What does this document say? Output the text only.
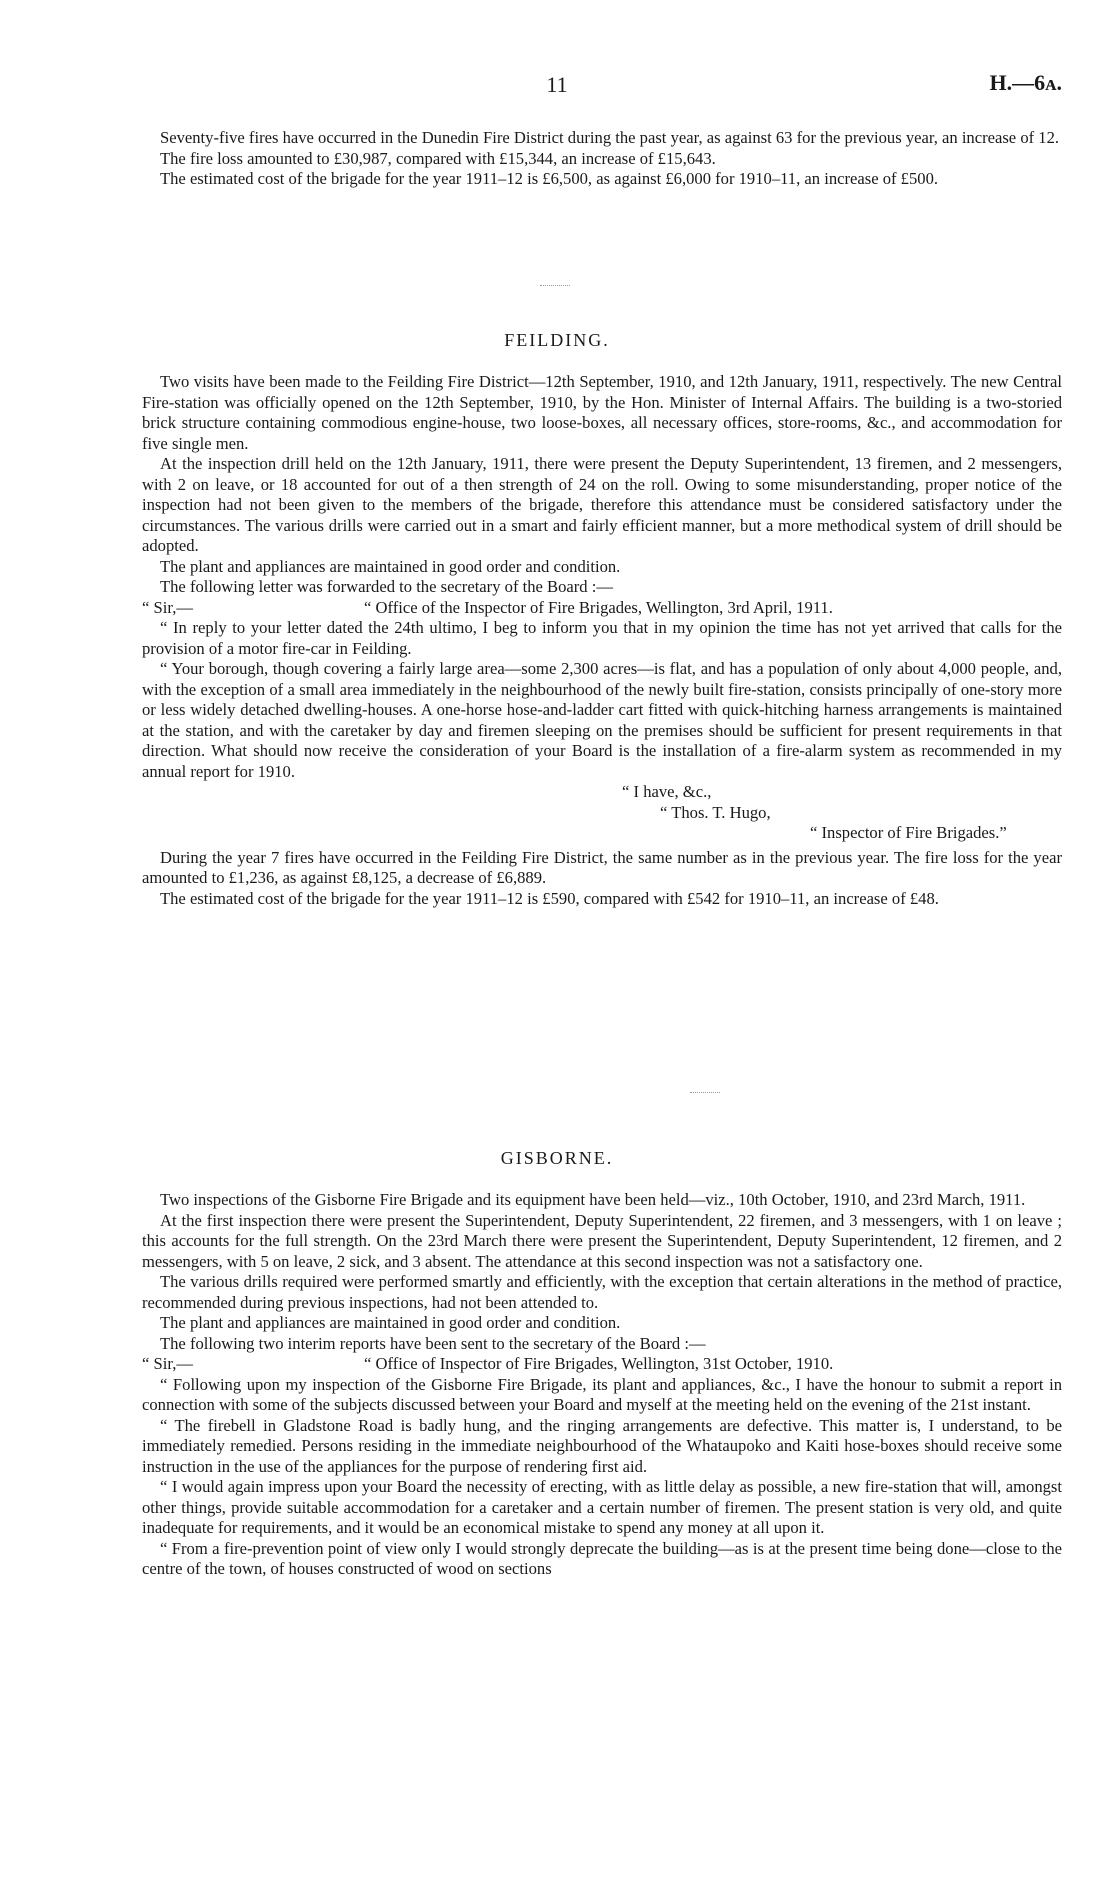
11	H.—6ᴀ.

Seventy-five fires have occurred in the Dunedin Fire District during the past year, as against 63 for the previous year, an increase of 12.

The fire loss amounted to £30,987, compared with £15,344, an increase of £15,643.

The estimated cost of the brigade for the year 1911–12 is £6,500, as against £6,000 for 1910–11, an increase of £500.

FEILDING.

Two visits have been made to the Feilding Fire District—12th September, 1910, and 12th January, 1911, respectively. The new Central Fire-station was officially opened on the 12th September, 1910, by the Hon. Minister of Internal Affairs. The building is a two-storied brick structure containing commodious engine-house, two loose-boxes, all necessary offices, store-rooms, &c., and accommodation for five single men.

At the inspection drill held on the 12th January, 1911, there were present the Deputy Superintendent, 13 firemen, and 2 messengers, with 2 on leave, or 18 accounted for out of a then strength of 24 on the roll. Owing to some misunderstanding, proper notice of the inspection had not been given to the members of the brigade, therefore this attendance must be considered satisfactory under the circumstances. The various drills were carried out in a smart and fairly efficient manner, but a more methodical system of drill should be adopted.

The plant and appliances are maintained in good order and condition.

The following letter was forwarded to the secretary of the Board :—

“ Sir,—	“ Office of the Inspector of Fire Brigades, Wellington, 3rd April, 1911.

“ In reply to your letter dated the 24th ultimo, I beg to inform you that in my opinion the time has not yet arrived that calls for the provision of a motor fire-car in Feilding.

“ Your borough, though covering a fairly large area—some 2,300 acres—is flat, and has a population of only about 4,000 people, and, with the exception of a small area immediately in the neighbourhood of the newly built fire-station, consists principally of one-story more or less widely detached dwelling-houses. A one-horse hose-and-ladder cart fitted with quick-hitching harness arrangements is maintained at the station, and with the caretaker by day and firemen sleeping on the premises should be sufficient for present requirements in that direction. What should now receive the consideration of your Board is the installation of a fire-alarm system as recommended in my annual report for 1910.

“ I have, &c.,

“ Thos. T. Hugo,

“ Inspector of Fire Brigades.”

During the year 7 fires have occurred in the Feilding Fire District, the same number as in the previous year. The fire loss for the year amounted to £1,236, as against £8,125, a decrease of £6,889.

The estimated cost of the brigade for the year 1911–12 is £590, compared with £542 for 1910–11, an increase of £48.

GISBORNE.

Two inspections of the Gisborne Fire Brigade and its equipment have been held—viz., 10th October, 1910, and 23rd March, 1911.

At the first inspection there were present the Superintendent, Deputy Superintendent, 22 firemen, and 3 messengers, with 1 on leave ; this accounts for the full strength. On the 23rd March there were present the Superintendent, Deputy Superintendent, 12 firemen, and 2 messengers, with 5 on leave, 2 sick, and 3 absent. The attendance at this second inspection was not a satisfactory one.

The various drills required were performed smartly and efficiently, with the exception that certain alterations in the method of practice, recommended during previous inspections, had not been attended to.

The plant and appliances are maintained in good order and condition.

The following two interim reports have been sent to the secretary of the Board :—

“ Sir,—	“ Office of Inspector of Fire Brigades, Wellington, 31st October, 1910.

“ Following upon my inspection of the Gisborne Fire Brigade, its plant and appliances, &c., I have the honour to submit a report in connection with some of the subjects discussed between your Board and myself at the meeting held on the evening of the 21st instant.

“ The firebell in Gladstone Road is badly hung, and the ringing arrangements are defective. This matter is, I understand, to be immediately remedied. Persons residing in the immediate neighbourhood of the Whataupoko and Kaiti hose-boxes should receive some instruction in the use of the appliances for the purpose of rendering first aid.

“ I would again impress upon your Board the necessity of erecting, with as little delay as possible, a new fire-station that will, amongst other things, provide suitable accommodation for a caretaker and a certain number of firemen. The present station is very old, and quite inadequate for requirements, and it would be an economical mistake to spend any money at all upon it.

“ From a fire-prevention point of view only I would strongly deprecate the building—as is at the present time being done—close to the centre of the town, of houses constructed of wood on sections
